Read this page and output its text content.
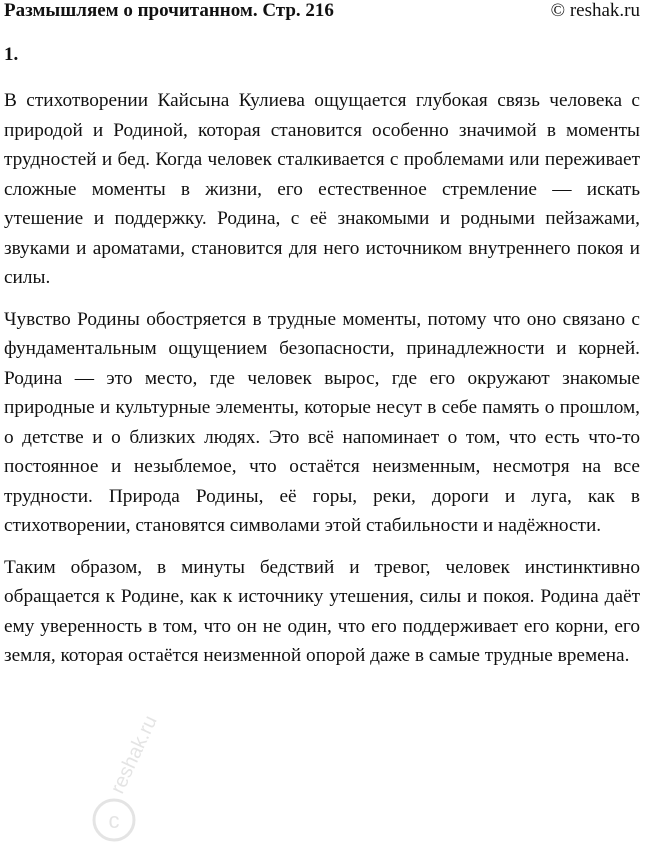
Размышляем о прочитанном. Стр. 216	© reshak.ru
1.

В стихотворении Кайсына Кулиева ощущается глубокая связь человека с природой и Родиной, которая становится особенно значимой в моменты трудностей и бед. Когда человек сталкивается с проблемами или переживает сложные моменты в жизни, его естественное стремление — искать утешение и поддержку. Родина, с её знакомыми и родными пейзажами, звуками и ароматами, становится для него источником внутреннего покоя и силы.

Чувство Родины обостряется в трудные моменты, потому что оно связано с фундаментальным ощущением безопасности, принадлежности и корней. Родина — это место, где человек вырос, где его окружают знакомые природные и культурные элементы, которые несут в себе память о прошлом, о детстве и о близких людях. Это всё напоминает о том, что есть что-то постоянное и незыблемое, что остаётся неизменным, несмотря на все трудности. Природа Родины, её горы, реки, дороги и луга, как в стихотворении, становятся символами этой стабильности и надёжности.

Таким образом, в минуты бедствий и тревог, человек инстинктивно обращается к Родине, как к источнику утешения, силы и покоя. Родина даёт ему уверенность в том, что он не один, что его поддерживает его корни, его земля, которая остаётся неизменной опорой даже в самые трудные времена.

c
reshak.ru
